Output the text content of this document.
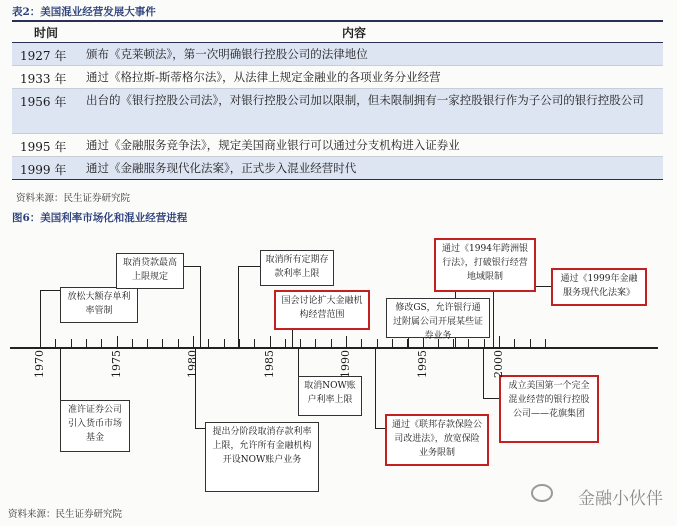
表2：美国混业经营发展大事件
时间	内容
1927 年 颁布《克莱顿法》，第一次明确银行控股公司的法律地位
1933 年 通过《格拉斯-斯蒂格尔法》，从法律上规定金融业的各项业务分业经营
1956 年 出台的《银行控股公司法》，对银行控股公司加以限制，但未限制拥有一家控股银行作为子公司的银行控股公司
1995 年 通过《金融服务竞争法》，规定美国商业银行可以通过分支机构进入证券业
1999 年 通过《金融服务现代化法案》，正式步入混业经营时代
资料来源：民生证券研究院
图6：美国利率市场化和混业经营进程
放松大额存单利率管制
取消贷款最高上限规定
取消所有定期存款利率上限
国会讨论扩大金融机构经营范围
修改GS，允许银行通过附属公司开展某些证券业务
通过《1994年跨洲银行法》，打破银行经营地域限制	通过《1999年金融服务现代化法案》
准许证券公司引入货币市场基金
提出分阶段取消存款利率上限，允许所有金融机构开设NOW账户业务
取消NOW账户利率上限
通过《联邦存款保险公司改进法》，放宽保险业务限制
成立美国第一个完全混业经营的银行控股公司——花旗集团
资料来源：民生证券研究院
金融小伙伴
1970	1975	1980	1985	1990	1995	2000
